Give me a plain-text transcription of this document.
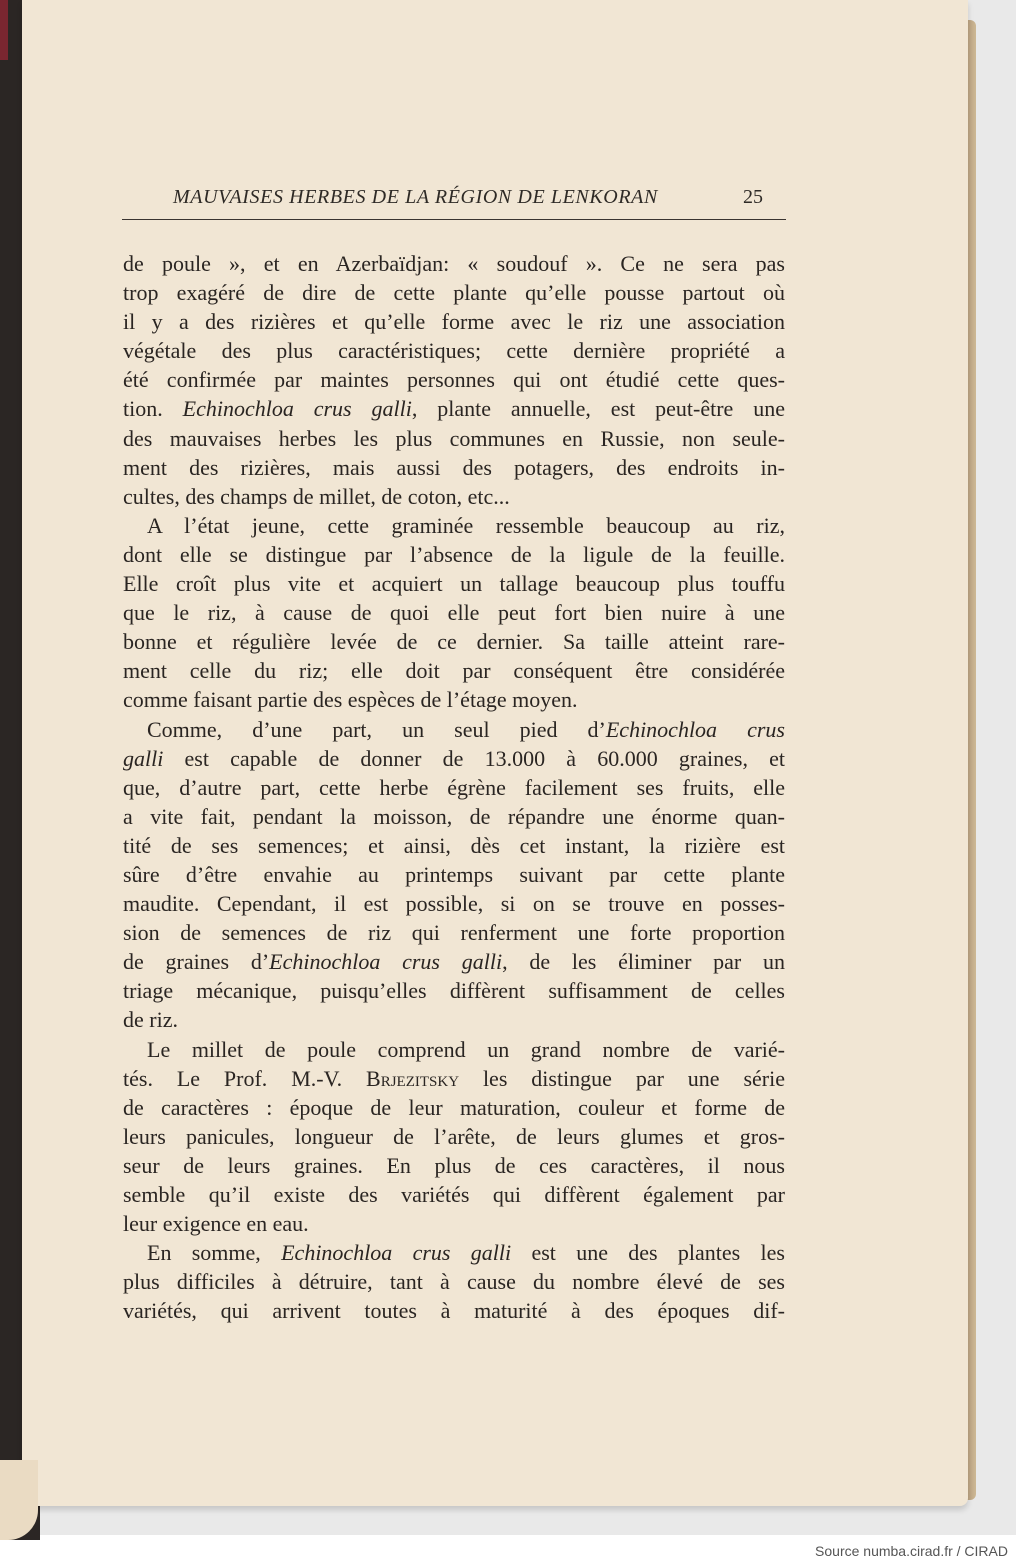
MAUVAISES HERBES DE LA RÉGION DE LENKORAN	25
de poule », et en Azerbaïdjan: « soudouf ». Ce ne sera pas
trop exagéré de dire de cette plante qu’elle pousse partout où
il y a des rizières et qu’elle forme avec le riz une association
végétale des plus caractéristiques; cette dernière propriété a
été confirmée par maintes personnes qui ont étudié cette ques-
tion. Echinochloa crus galli, plante annuelle, est peut-être une
des mauvaises herbes les plus communes en Russie, non seule-
ment des rizières, mais aussi des potagers, des endroits in-
cultes, des champs de millet, de coton, etc...
A l’état jeune, cette graminée ressemble beaucoup au riz,
dont elle se distingue par l’absence de la ligule de la feuille.
Elle croît plus vite et acquiert un tallage beaucoup plus touffu
que le riz, à cause de quoi elle peut fort bien nuire à une
bonne et régulière levée de ce dernier. Sa taille atteint rare-
ment celle du riz; elle doit par conséquent être considérée
comme faisant partie des espèces de l’étage moyen.
Comme, d’une part, un seul pied d’Echinochloa crus
galli est capable de donner de 13.000 à 60.000 graines, et
que, d’autre part, cette herbe égrène facilement ses fruits, elle
a vite fait, pendant la moisson, de répandre une énorme quan-
tité de ses semences; et ainsi, dès cet instant, la rizière est
sûre d’être envahie au printemps suivant par cette plante
maudite. Cependant, il est possible, si on se trouve en posses-
sion de semences de riz qui renferment une forte proportion
de graines d’Echinochloa crus galli, de les éliminer par un
triage mécanique, puisqu’elles diffèrent suffisamment de celles
de riz.
Le millet de poule comprend un grand nombre de varié-
tés. Le Prof. M.-V. Brjezitsky les distingue par une série
de caractères : époque de leur maturation, couleur et forme de
leurs panicules, longueur de l’arête, de leurs glumes et gros-
seur de leurs graines. En plus de ces caractères, il nous
semble qu’il existe des variétés qui diffèrent également par
leur exigence en eau.
En somme, Echinochloa crus galli est une des plantes les
plus difficiles à détruire, tant à cause du nombre élevé de ses
variétés, qui arrivent toutes à maturité à des époques dif-
Source numba.cirad.fr / CIRAD
